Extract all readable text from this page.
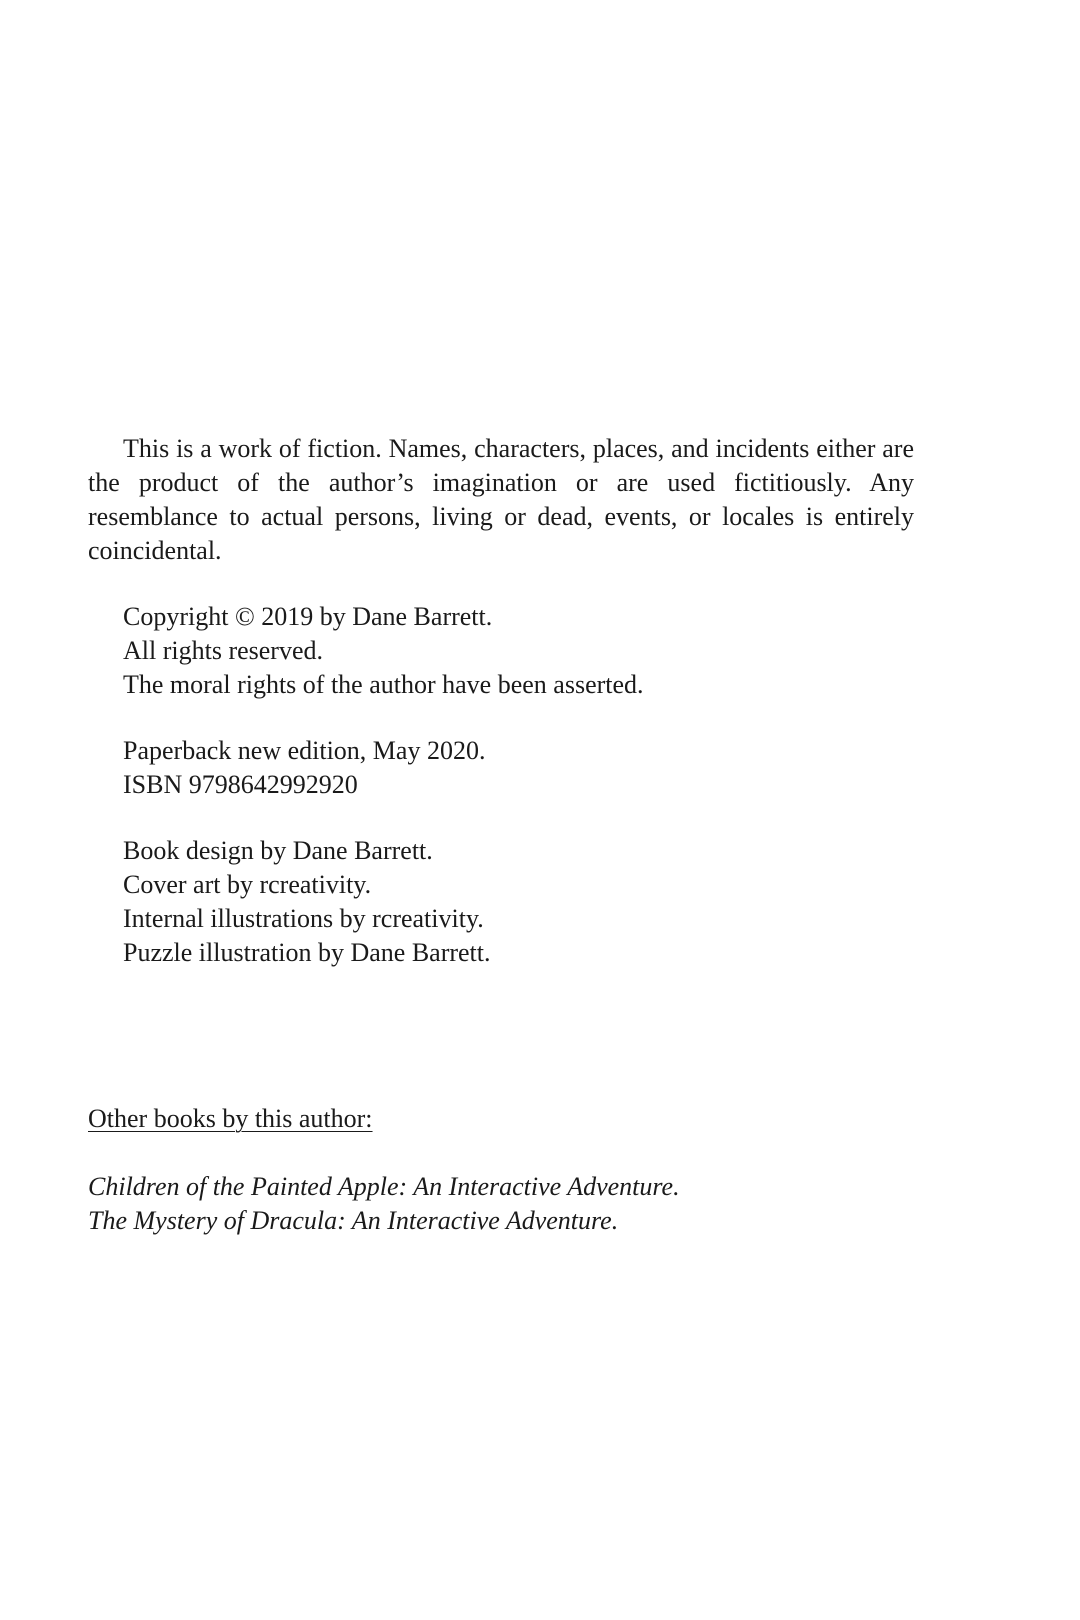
This is a work of fiction. Names, characters, places, and incidents either are the product of the author’s imagination or are used fictitiously. Any resemblance to actual persons, living or dead, events, or locales is entirely coincidental.

Copyright © 2019 by Dane Barrett.
All rights reserved.
The moral rights of the author have been asserted.
Paperback new edition, May 2020.
ISBN 9798642992920
Book design by Dane Barrett.
Cover art by rcreativity.
Internal illustrations by rcreativity.
Puzzle illustration by Dane Barrett.
Other books by this author:
Children of the Painted Apple: An Interactive Adventure.
The Mystery of Dracula: An Interactive Adventure.
